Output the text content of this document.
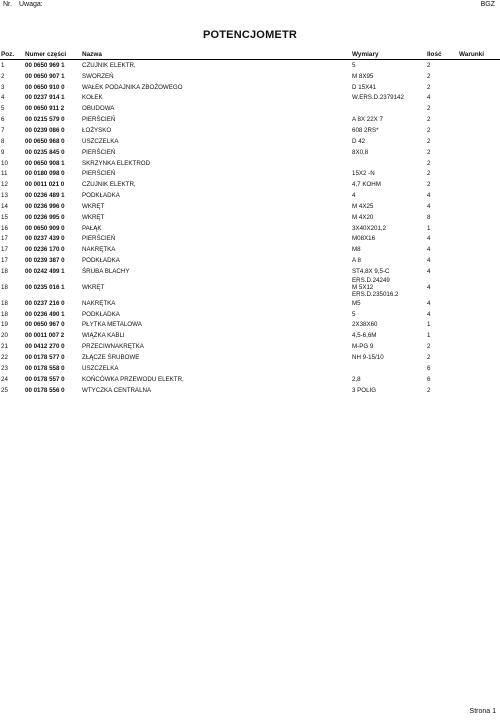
Nr. Uwaga:	BGZ
POTENCJOMETR
Poz.	Numer części	Nazwa	Wymiary	Ilość	Warunki
1	00 0650 969 1	CZUJNIK ELEKTR,	5	2	
2	00 0650 907 1	SWORZEŃ	M 8X95	2	
3	00 0650 910 0	WAŁEK PODAJNIKA ZBOŻOWEGO	D 15X41	2	
4	00 0237 914 1	KOŁEK	W.ERS.D.2379142	4	
5	00 0650 911 2	OBUDOWA		2	
6	00 0215 579 0	PIERŚCIEŃ	A 8X 22X 7	2	
7	00 0239 086 0	ŁOŻYSKO	608 2RS*	2	
8	00 0650 968 0	USZCZELKA	D 42	2	
9	00 0235 845 0	PIERŚCIEŃ	8X0,8	2	
10	00 0650 908 1	SKRZYNKA ELEKTROD		2	
11	00 0180 098 0	PIERŚCIEŃ	15X2 -N	2	
12	00 0011 021 0	CZUJNIK ELEKTR,	4,7 KOHM	2	
13	00 0236 489 1	PODKŁADKA	4	4	
14	00 0236 996 0	WKRĘT	M 4X25	4	
15	00 0236 995 0	WKRĘT	M 4X20	8	
16	00 0650 909 0	PAŁĄK	3X40X201,2	1	
17	00 0237 439 0	PIERŚCIEŃ	M08X16	4	
17	00 0236 170 0	NAKRĘTKA	M8	4	
17	00 0239 387 0	PODKŁADKA	A 8	4	
18	00 0242 499 1	ŚRUBA BLACHY	ST4,8X 9,5-C	4	
18	00 0235 016 1	WKRĘT	ERS.D.24249
M 5X12
ERS.D.235016.2	4	
18	00 0237 216 0	NAKRĘTKA	M5	4	
18	00 0236 490 1	PODKŁADKA	5	4	
19	00 0650 967 0	PŁYTKA METALOWA	2X38X60	1	
20	00 0011 007 2	WIĄZKA KABLI	4,5-6,6M	1	
21	00 0412 270 0	PRZECIWNAKRĘTKA	M-PG 9	2	
22	00 0178 577 0	ZŁĄCZE ŚRUBOWE	NH 9-15/10	2	
23	00 0178 558 0	USZCZELKA		6	
24	00 0178 557 0	KOŃCÓWKA PRZEWODU ELEKTR,	2,8	6	
25	00 0178 556 0	WTYCZKA CENTRALNA	3 POLIG	2	
Strona 1
